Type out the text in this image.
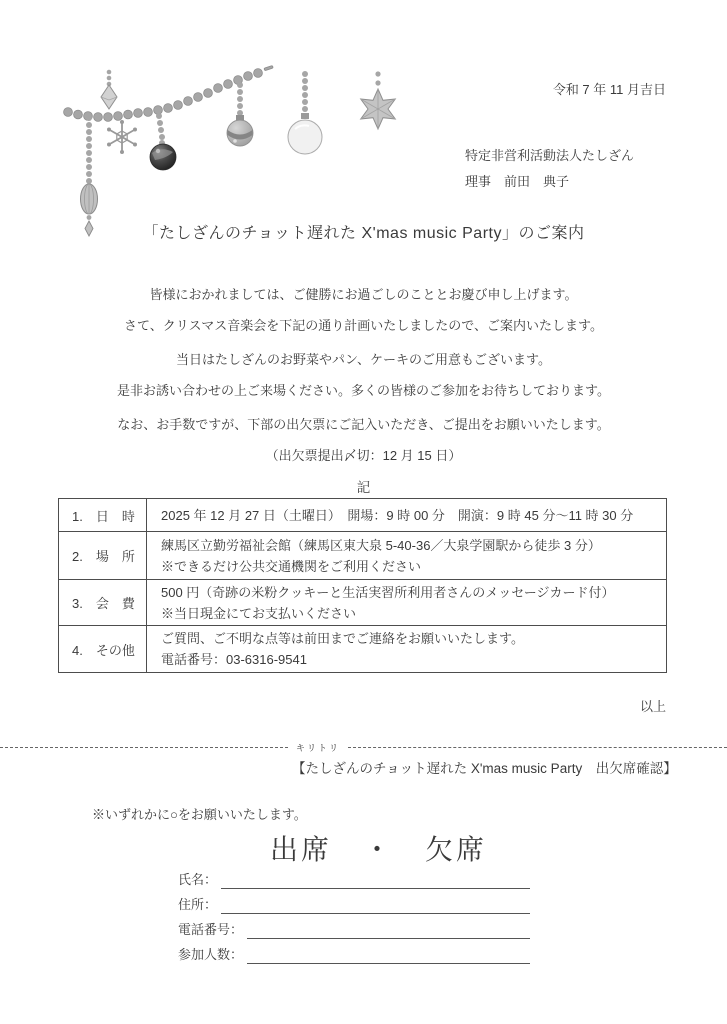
令和 7 年 11 月吉日
特定非営利活動法人たしざん
理事　前田　典子
「たしざんのチョット遅れた X'mas music Party」のご案内
皆様におかれましては、ご健勝にお過ごしのこととお慶び申し上げます。
さて、クリスマス音楽会を下記の通り計画いたしましたので、ご案内いたします。
当日はたしざんのお野菜やパン、ケーキのご用意もございます。
是非お誘い合わせの上ご来場ください。多くの皆様のご参加をお待ちしております。
なお、お手数ですが、下部の出欠票にご記入いただき、ご提出をお願いいたします。
（出欠票提出〆切：12 月 15 日）
記
1.　日　時	2025 年 12 月 27 日（土曜日）　開場：9 時 00 分　開演：9 時 45 分～11 時 30 分
2.　場　所
練馬区立勤労福祉会館（練馬区東大泉 5-40-36／大泉学園駅から徒歩 3 分）
※できるだけ公共交通機関をご利用ください
3.　会　費
500 円（奇跡の米粉クッキーと生活実習所利用者さんのメッセージカード付）
※当日現金にてお支払いください
4.　その他
ご質問、ご不明な点等は前田までご連絡をお願いいたします。
電話番号：03-6316-9541
以上
キリトリ
【たしざんのチョット遅れた X'mas music Party　出欠席確認】
※いずれかに○をお願いいたします。
出席　・　欠席
氏名：
住所：
電話番号：
参加人数：
